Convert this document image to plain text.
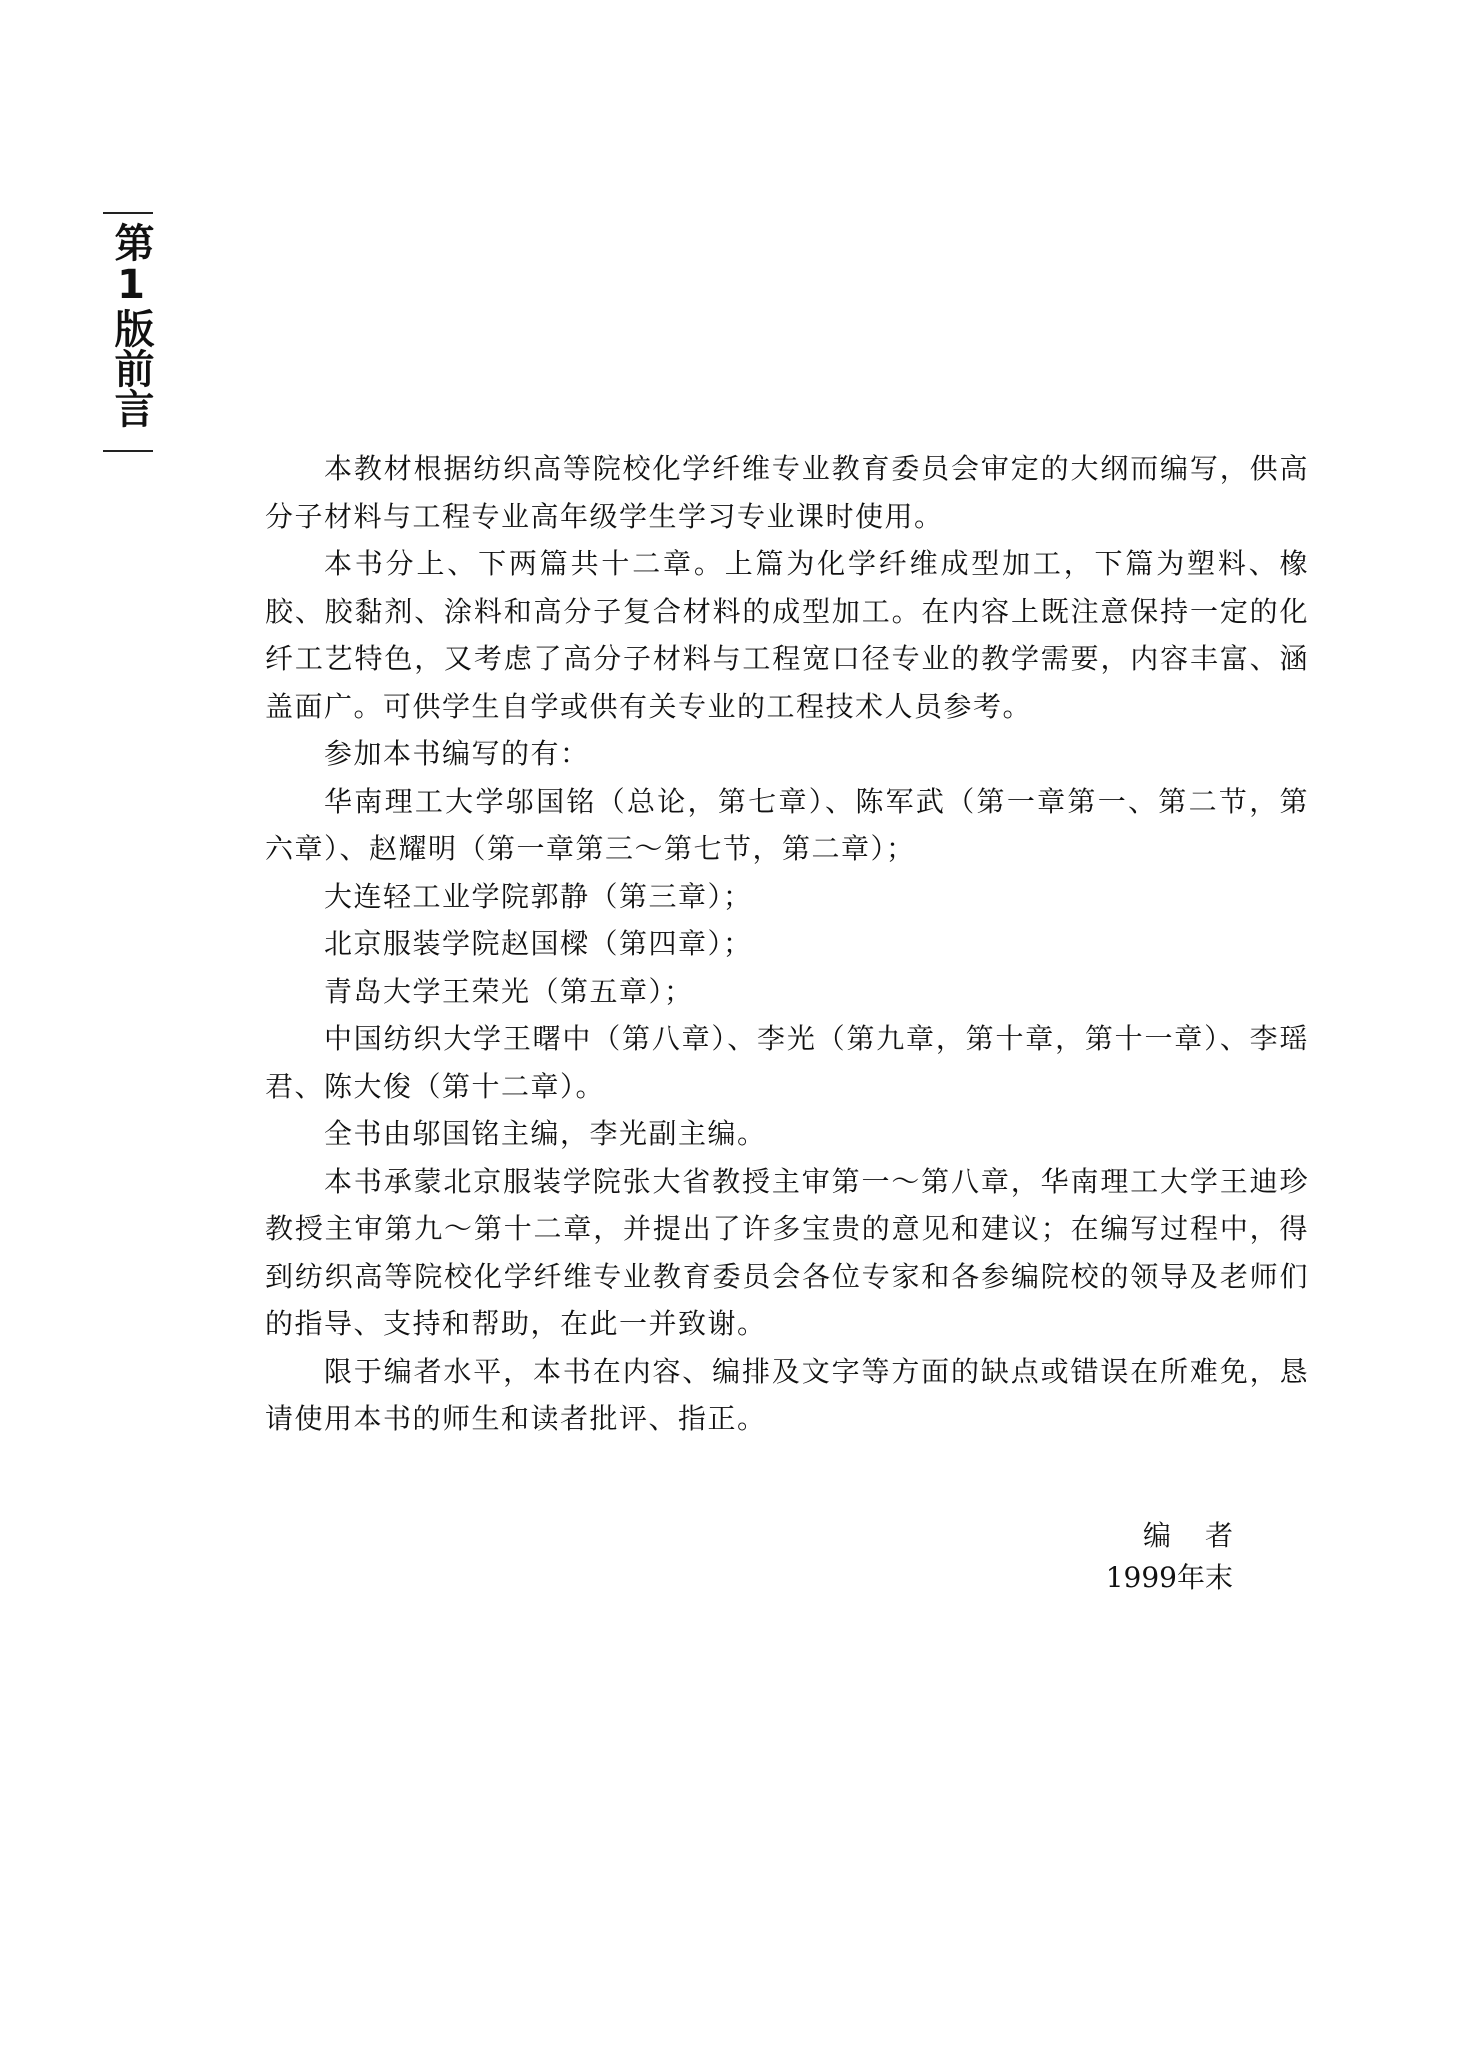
第1版前言

本教材根据纺织高等院校化学纤维专业教育委员会审定的大纲而编写，供高分子材料与工程专业高年级学生学习专业课时使用。

本书分上、下两篇共十二章。上篇为化学纤维成型加工，下篇为塑料、橡胶、胶黏剂、涂料和高分子复合材料的成型加工。在内容上既注意保持一定的化纤工艺特色，又考虑了高分子材料与工程宽口径专业的教学需要，内容丰富、涵盖面广。可供学生自学或供有关专业的工程技术人员参考。

参加本书编写的有：

华南理工大学邬国铭（总论，第七章）、陈军武（第一章第一、第二节，第六章）、赵耀明（第一章第三～第七节，第二章）；

大连轻工业学院郭静（第三章）；

北京服装学院赵国樑（第四章）；

青岛大学王荣光（第五章）；

中国纺织大学王曙中（第八章）、李光（第九章，第十章，第十一章）、李瑶君、陈大俊（第十二章）。

全书由邬国铭主编，李光副主编。

本书承蒙北京服装学院张大省教授主审第一～第八章，华南理工大学王迪珍教授主审第九～第十二章，并提出了许多宝贵的意见和建议；在编写过程中，得到纺织高等院校化学纤维专业教育委员会各位专家和各参编院校的领导及老师们的指导、支持和帮助，在此一并致谢。

限于编者水平，本书在内容、编排及文字等方面的缺点或错误在所难免，恳请使用本书的师生和读者批评、指正。

编者
1999年末
